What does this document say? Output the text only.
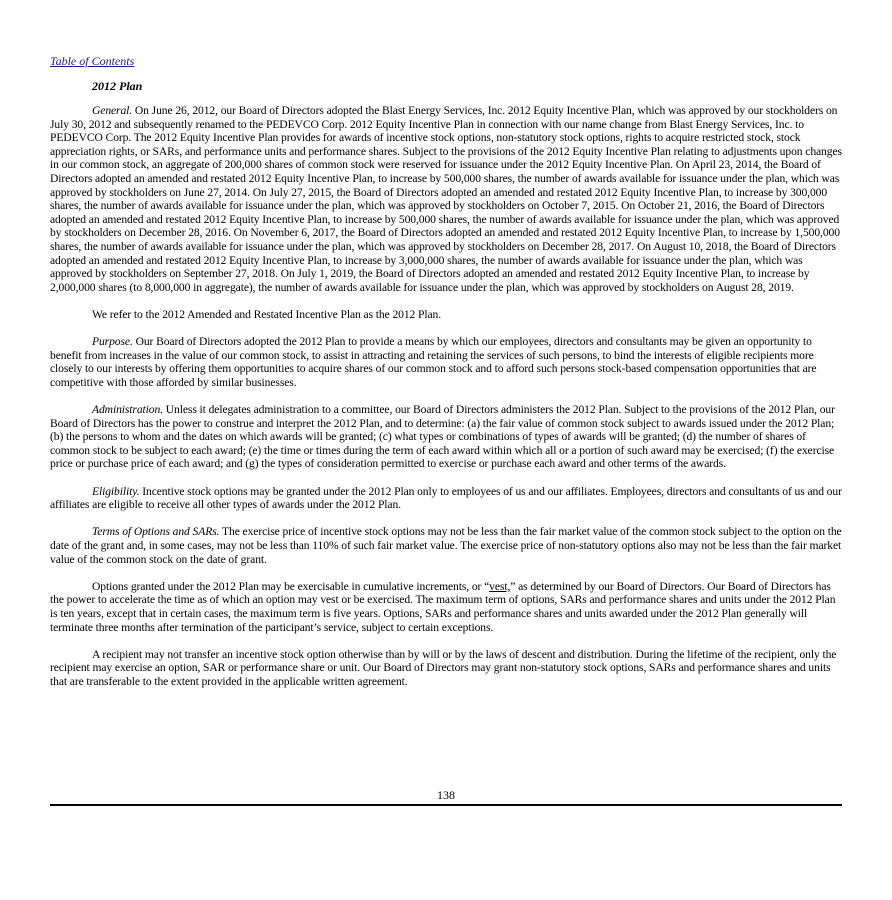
Table of Contents
2012 Plan

General. On June 26, 2012, our Board of Directors adopted the Blast Energy Services, Inc. 2012 Equity Incentive Plan, which was approved by our stockholders on July 30, 2012 and subsequently renamed to the PEDEVCO Corp. 2012 Equity Incentive Plan in connection with our name change from Blast Energy Services, Inc. to PEDEVCO Corp. The 2012 Equity Incentive Plan provides for awards of incentive stock options, non-statutory stock options, rights to acquire restricted stock, stock appreciation rights, or SARs, and performance units and performance shares. Subject to the provisions of the 2012 Equity Incentive Plan relating to adjustments upon changes in our common stock, an aggregate of 200,000 shares of common stock were reserved for issuance under the 2012 Equity Incentive Plan. On April 23, 2014, the Board of Directors adopted an amended and restated 2012 Equity Incentive Plan, to increase by 500,000 shares, the number of awards available for issuance under the plan, which was approved by stockholders on June 27, 2014. On July 27, 2015, the Board of Directors adopted an amended and restated 2012 Equity Incentive Plan, to increase by 300,000 shares, the number of awards available for issuance under the plan, which was approved by stockholders on October 7, 2015. On October 21, 2016, the Board of Directors adopted an amended and restated 2012 Equity Incentive Plan, to increase by 500,000 shares, the number of awards available for issuance under the plan, which was approved by stockholders on December 28, 2016. On November 6, 2017, the Board of Directors adopted an amended and restated 2012 Equity Incentive Plan, to increase by 1,500,000 shares, the number of awards available for issuance under the plan, which was approved by stockholders on December 28, 2017. On August 10, 2018, the Board of Directors adopted an amended and restated 2012 Equity Incentive Plan, to increase by 3,000,000 shares, the number of awards available for issuance under the plan, which was approved by stockholders on September 27, 2018. On July 1, 2019, the Board of Directors adopted an amended and restated 2012 Equity Incentive Plan, to increase by 2,000,000 shares (to 8,000,000 in aggregate), the number of awards available for issuance under the plan, which was approved by stockholders on August 28, 2019.

We refer to the 2012 Amended and Restated Incentive Plan as the 2012 Plan.

Purpose. Our Board of Directors adopted the 2012 Plan to provide a means by which our employees, directors and consultants may be given an opportunity to benefit from increases in the value of our common stock, to assist in attracting and retaining the services of such persons, to bind the interests of eligible recipients more closely to our interests by offering them opportunities to acquire shares of our common stock and to afford such persons stock-based compensation opportunities that are competitive with those afforded by similar businesses.

Administration. Unless it delegates administration to a committee, our Board of Directors administers the 2012 Plan. Subject to the provisions of the 2012 Plan, our Board of Directors has the power to construe and interpret the 2012 Plan, and to determine: (a) the fair value of common stock subject to awards issued under the 2012 Plan; (b) the persons to whom and the dates on which awards will be granted; (c) what types or combinations of types of awards will be granted; (d) the number of shares of common stock to be subject to each award; (e) the time or times during the term of each award within which all or a portion of such award may be exercised; (f) the exercise price or purchase price of each award; and (g) the types of consideration permitted to exercise or purchase each award and other terms of the awards.

Eligibility. Incentive stock options may be granted under the 2012 Plan only to employees of us and our affiliates. Employees, directors and consultants of us and our affiliates are eligible to receive all other types of awards under the 2012 Plan.

Terms of Options and SARs. The exercise price of incentive stock options may not be less than the fair market value of the common stock subject to the option on the date of the grant and, in some cases, may not be less than 110% of such fair market value. The exercise price of non-statutory options also may not be less than the fair market value of the common stock on the date of grant.

Options granted under the 2012 Plan may be exercisable in cumulative increments, or “vest,” as determined by our Board of Directors. Our Board of Directors has the power to accelerate the time as of which an option may vest or be exercised. The maximum term of options, SARs and performance shares and units under the 2012 Plan is ten years, except that in certain cases, the maximum term is five years. Options, SARs and performance shares and units awarded under the 2012 Plan generally will terminate three months after termination of the participant’s service, subject to certain exceptions.

A recipient may not transfer an incentive stock option otherwise than by will or by the laws of descent and distribution. During the lifetime of the recipient, only the recipient may exercise an option, SAR or performance share or unit. Our Board of Directors may grant non-statutory stock options, SARs and performance shares and units that are transferable to the extent provided in the applicable written agreement.

138
